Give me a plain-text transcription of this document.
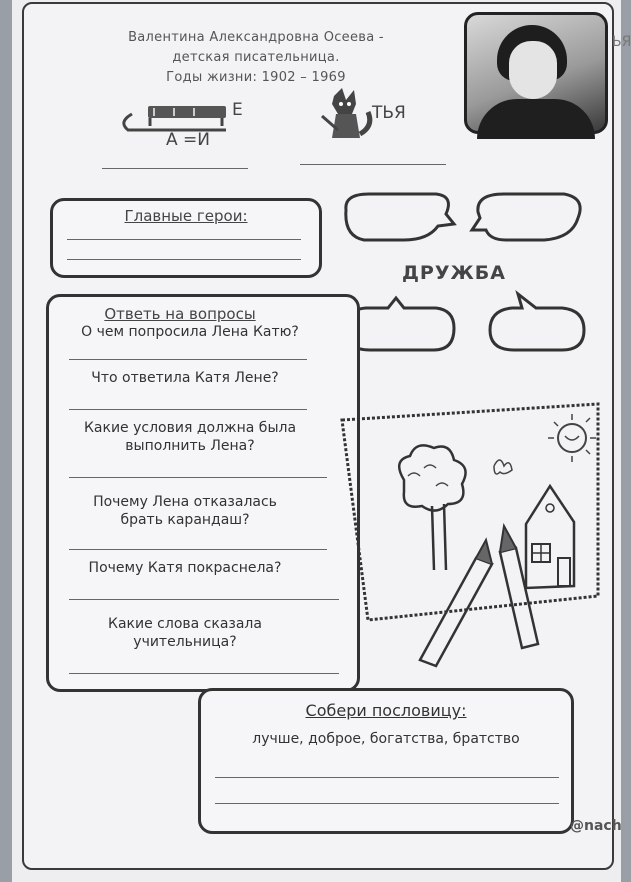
Валентина Александровна Осеева -
детская писательница.
Годы жизни: 1902 – 1969
Е
А =И
ТЬЯ
Главные герои:
ДРУЖБА
Ответь на вопросы
О чем попросила Лена Катю?
Что ответила Катя Лене?
Какие условия должна была
выполнить Лена?
Почему Лена отказалась
брать карандаш?
Почему Катя покраснела?
Какие слова сказала
учительница?
Собери пословицу:
лучше, доброе, богатства, братство
@nach
ЬЯ
